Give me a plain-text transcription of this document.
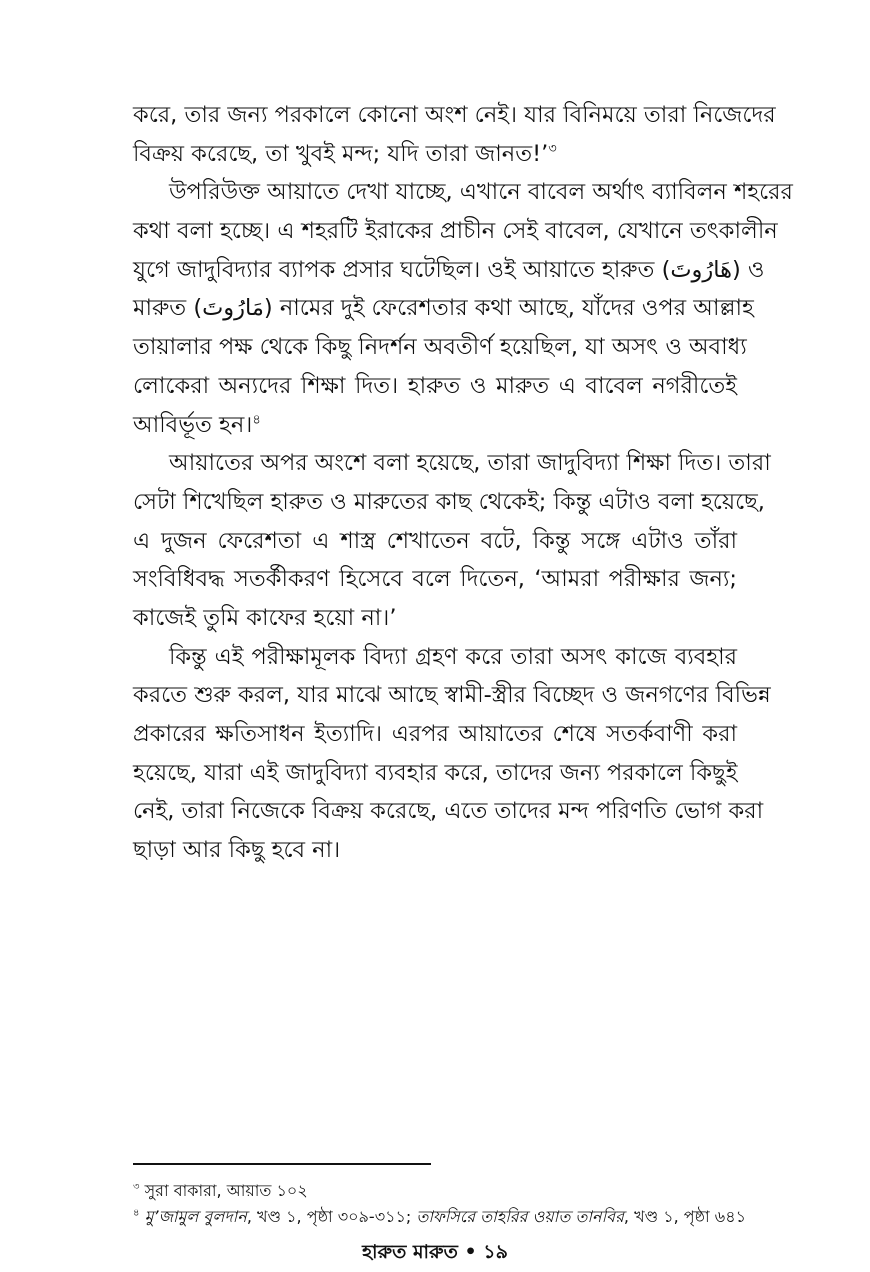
করে, তার জন্য পরকালে কোনো অংশ নেই। যার বিনিময়ে তারা নিজেদের
বিক্রয় করেছে, তা খুবই মন্দ; যদি তারা জানত!’$^৩$
উপরিউক্ত আয়াতে দেখা যাচ্ছে, এখানে বাবেল অর্থাৎ ব্যাবিলন শহরের
কথা বলা হচ্ছে। এ শহরটি ইরাকের প্রাচীন সেই বাবেল, যেখানে তৎকালীন
যুগে জাদুবিদ্যার ব্যাপক প্রসার ঘটেছিল। ওই আয়াতে হারুত (هَارُوتَ) ও
মারুত (مَارُوتَ) নামের দুই ফেরেশতার কথা আছে, যাঁদের ওপর আল্লাহ
তায়ালার পক্ষ থেকে কিছু নিদর্শন অবতীর্ণ হয়েছিল, যা অসৎ ও অবাধ্য
লোকেরা অন্যদের শিক্ষা দিত। হারুত ও মারুত এ বাবেল নগরীতেই
আবির্ভূত হন।$^৪$
আয়াতের অপর অংশে বলা হয়েছে, তারা জাদুবিদ্যা শিক্ষা দিত। তারা
সেটা শিখেছিল হারুত ও মারুতের কাছ থেকেই; কিন্তু এটাও বলা হয়েছে,
এ দুজন ফেরেশতা এ শাস্ত্র শেখাতেন বটে, কিন্তু সঙ্গে এটাও তাঁরা
সংবিধিবদ্ধ সতর্কীকরণ হিসেবে বলে দিতেন, ‘আমরা পরীক্ষার জন্য;
কাজেই তুমি কাফের হয়ো না।’
কিন্তু এই পরীক্ষামূলক বিদ্যা গ্রহণ করে তারা অসৎ কাজে ব্যবহার
করতে শুরু করল, যার মাঝে আছে স্বামী-স্ত্রীর বিচ্ছেদ ও জনগণের বিভিন্ন
প্রকারের ক্ষতিসাধন ইত্যাদি। এরপর আয়াতের শেষে সতর্কবাণী করা
হয়েছে, যারা এই জাদুবিদ্যা ব্যবহার করে, তাদের জন্য পরকালে কিছুই
নেই, তারা নিজেকে বিক্রয় করেছে, এতে তাদের মন্দ পরিণতি ভোগ করা
ছাড়া আর কিছু হবে না।
$^৩$ সুরা বাকারা, আয়াত ১০২
$^৪$ মু’জামুল বুলদান, খণ্ড ১, পৃষ্ঠা ৩০৯-৩১১; তাফসিরে তাহরির ওয়াত তানবির, খণ্ড ১, পৃষ্ঠা ৬৪১
হারুত মারুত • ১৯
